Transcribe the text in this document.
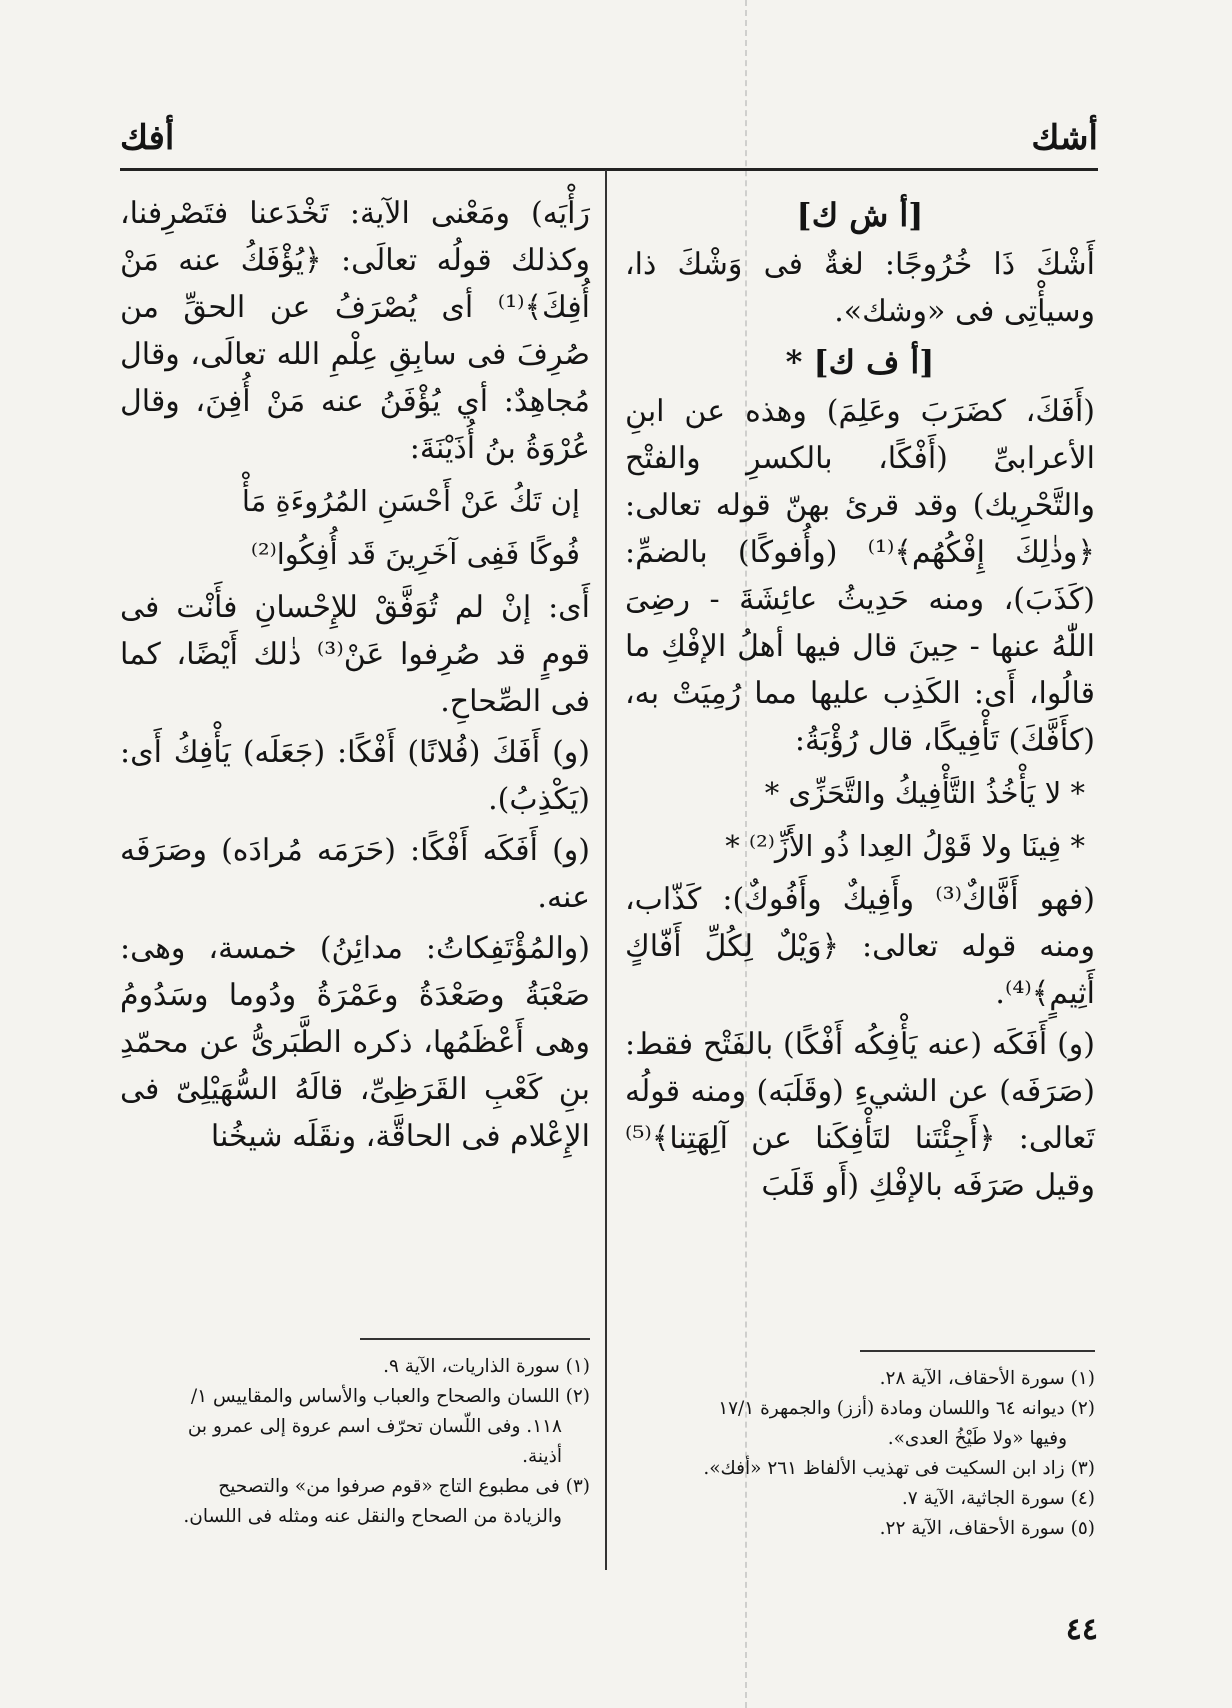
أشك
أفك

[أ ش ك]

أَشْكَ ذَا خُرُوجًا: لغةٌ فى وَشْكَ ذا، وسيأْتِى فى «وشك».

[أ ف ك] *

(أَفَكَ، كضَرَبَ وعَلِمَ) وهذه عن ابنِ الأعرابىِّ (أَفْكًا، بالكسرِ والفتْح والتَّحْرِيك) وقد قرئ بهنّ قوله تعالى: ﴿وذٰلِكَ إِفْكُهُم﴾⁽¹⁾ (وأُفوكًا) بالضمِّ: (كَذَبَ)، ومنه حَدِيثُ عائِشَةَ - رضِىَ اللّٰهُ عنها - حِينَ قال فيها أهلُ الإفْكِ ما قالُوا، أَى: الكَذِب عليها مما رُمِيَتْ به، (كأَفَّكَ) تَأْفِيكًا، قال رُؤْبَةُ:

* لا يَأْخُذُ التَّأْفِيكُ والتَّحَزِّى *

* فِينَا ولا قَوْلُ العِدا ذُو الأَزِّ⁽²⁾ *

(فهو أَفَّاكٌ⁽³⁾ وأَفِيكٌ وأَفُوكٌ): كَذّاب، ومنه قوله تعالى: ﴿وَيْلٌ لِكُلِّ أَفّاكٍ أَثِيمٍ﴾⁽⁴⁾.

(و) أَفَكَه (عنه يَأْفِكُه أَفْكًا) بالفَتْح فقط: (صَرَفَه) عن الشيءِ (وقَلَبَه) ومنه قولُه تَعالى: ﴿أَجِئْتَنا لتَأْفِكَنا عن آلِهَتِنا﴾⁽⁵⁾ وقيل صَرَفَه بالإفْكِ (أَو قَلَبَ

رَأْيَه) ومَعْنى الآية: تَخْدَعنا فتَصْرِفنا، وكذلك قولُه تعالَى: ﴿يُؤْفَكُ عنه مَنْ أُفِكَ﴾⁽¹⁾ أى يُصْرَفُ عن الحقِّ من صُرِفَ فى سابِقِ عِلْمِ الله تعالَى، وقال مُجاهِدٌ: أي يُؤْفَنُ عنه مَنْ أُفِنَ، وقال عُرْوَةُ بنُ أُذَيْنَةَ:

إن تَكُ عَنْ أَحْسَنِ المُرُوءَةِ مَأْ

فُوكًا فَفِى آخَرِينَ قَد أُفِكُوا⁽²⁾

أَى: إنْ لم تُوَفَّقْ للإِحْسانِ فأَنْت فى قومٍ قد صُرِفوا عَنْ⁽³⁾ ذٰلك أَيْضًا، كما فى الصِّحاحِ.

(و) أَفَكَ (فُلانًا) أَفْكًا: (جَعَلَه) يَأْفِكُ أَى: (يَكْذِبُ).

(و) أَفَكَه أَفْكًا: (حَرَمَه مُرادَه) وصَرَفَه عنه.

(والمُؤْتَفِكاتُ: مدائِنُ) خمسة، وهى: صَعْبَةُ وصَعْدَةُ وعَمْرَةُ ودُوما وسَدُومُ وهى أَعْظَمُها، ذكره الطَّبَرىُّ عن محمّدِ بنِ كَعْبِ القَرَظِىِّ، قالَهُ السُّهَيْلِىّ فى الإِعْلام فى الحاقَّة، ونقَلَه شيخُنا

(١) سورة الذاريات، الآية ٩.
(٢) اللسان والصحاح والعباب والأساس والمقاييس ١/
١١٨. وفى اللّسان تحرّف اسم عروة إلى عمرو بن
أذينة.
(٣) فى مطبوع التاج «قوم صرفوا من» والتصحيح
والزيادة من الصحاح والنقل عنه ومثله فى اللسان.
(١) سورة الأحقاف، الآية ٢٨.
(٢) ديوانه ٦٤ واللسان ومادة (أزز) والجمهرة ١٧/١
وفيها «ولا طَيْخُ العدى».
(٣) زاد ابن السكيت فى تهذيب الألفاظ ٢٦١ «أفك».
(٤) سورة الجاثية، الآية ٧.
(٥) سورة الأحقاف، الآية ٢٢.
٤٤
